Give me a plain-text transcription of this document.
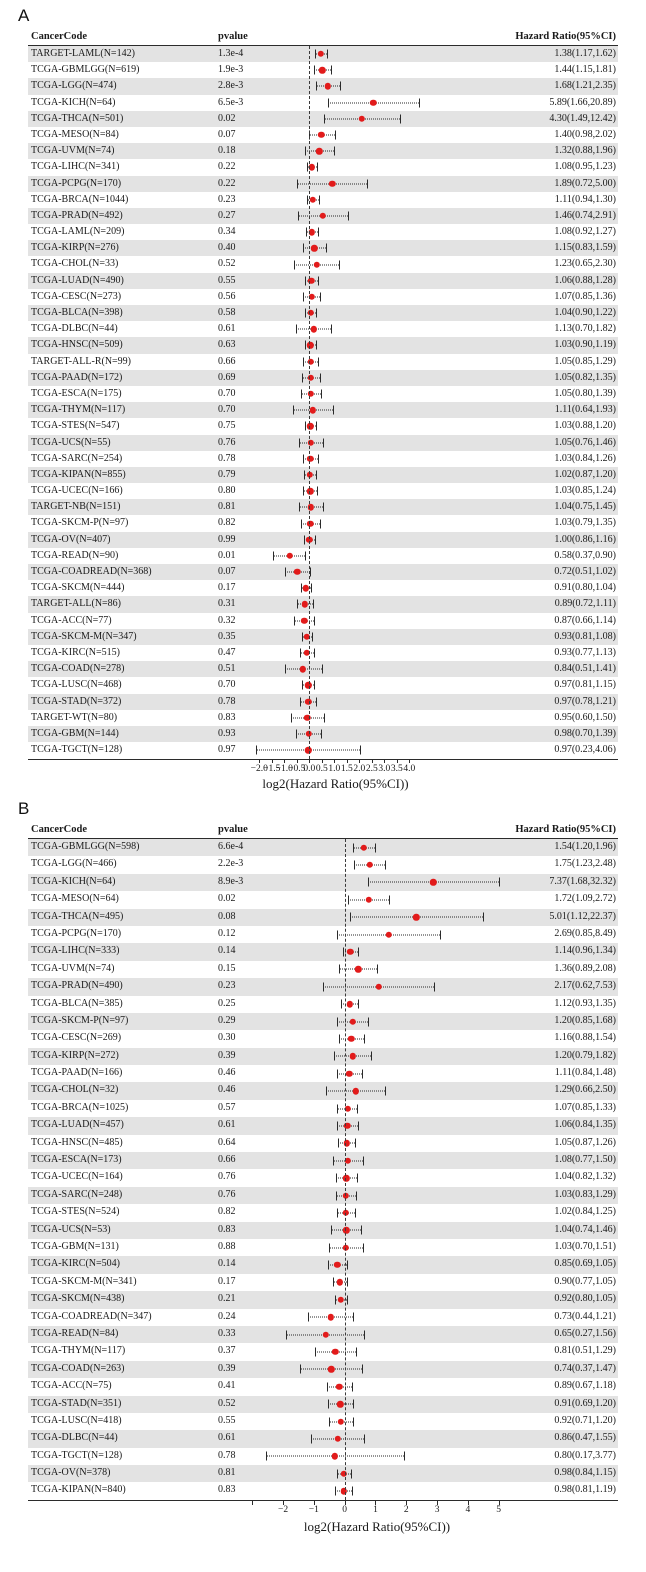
A
CancerCode	pvalue	Hazard Ratio(95%CI)
TARGET-LAML(N=142)	1.3e-4	1.38(1.17,1.62)
TCGA-GBMLGG(N=619)	1.9e-3	1.44(1.15,1.81)
TCGA-LGG(N=474)	2.8e-3	1.68(1.21,2.35)
TCGA-KICH(N=64)	6.5e-3	5.89(1.66,20.89)
TCGA-THCA(N=501)	0.02	4.30(1.49,12.42)
TCGA-MESO(N=84)	0.07	1.40(0.98,2.02)
TCGA-UVM(N=74)	0.18	1.32(0.88,1.96)
TCGA-LIHC(N=341)	0.22	1.08(0.95,1.23)
TCGA-PCPG(N=170)	0.22	1.89(0.72,5.00)
TCGA-BRCA(N=1044)	0.23	1.11(0.94,1.30)
TCGA-PRAD(N=492)	0.27	1.46(0.74,2.91)
TCGA-LAML(N=209)	0.34	1.08(0.92,1.27)
TCGA-KIRP(N=276)	0.40	1.15(0.83,1.59)
TCGA-CHOL(N=33)	0.52	1.23(0.65,2.30)
TCGA-LUAD(N=490)	0.55	1.06(0.88,1.28)
TCGA-CESC(N=273)	0.56	1.07(0.85,1.36)
TCGA-BLCA(N=398)	0.58	1.04(0.90,1.22)
TCGA-DLBC(N=44)	0.61	1.13(0.70,1.82)
TCGA-HNSC(N=509)	0.63	1.03(0.90,1.19)
TARGET-ALL-R(N=99)	0.66	1.05(0.85,1.29)
TCGA-PAAD(N=172)	0.69	1.05(0.82,1.35)
TCGA-ESCA(N=175)	0.70	1.05(0.80,1.39)
TCGA-THYM(N=117)	0.70	1.11(0.64,1.93)
TCGA-STES(N=547)	0.75	1.03(0.88,1.20)
TCGA-UCS(N=55)	0.76	1.05(0.76,1.46)
TCGA-SARC(N=254)	0.78	1.03(0.84,1.26)
TCGA-KIPAN(N=855)	0.79	1.02(0.87,1.20)
TCGA-UCEC(N=166)	0.80	1.03(0.85,1.24)
TARGET-NB(N=151)	0.81	1.04(0.75,1.45)
TCGA-SKCM-P(N=97)	0.82	1.03(0.79,1.35)
TCGA-OV(N=407)	0.99	1.00(0.86,1.16)
TCGA-READ(N=90)	0.01	0.58(0.37,0.90)
TCGA-COADREAD(N=368)	0.07	0.72(0.51,1.02)
TCGA-SKCM(N=444)	0.17	0.91(0.80,1.04)
TARGET-ALL(N=86)	0.31	0.89(0.72,1.11)
TCGA-ACC(N=77)	0.32	0.87(0.66,1.14)
TCGA-SKCM-M(N=347)	0.35	0.93(0.81,1.08)
TCGA-KIRC(N=515)	0.47	0.93(0.77,1.13)
TCGA-COAD(N=278)	0.51	0.84(0.51,1.41)
TCGA-LUSC(N=468)	0.70	0.97(0.81,1.15)
TCGA-STAD(N=372)	0.78	0.97(0.78,1.21)
TARGET-WT(N=80)	0.83	0.95(0.60,1.50)
TCGA-GBM(N=144)	0.93	0.98(0.70,1.39)
TCGA-TGCT(N=128)	0.97	0.97(0.23,4.06)
−2.0
−1.5
−1.0
−0.5
0.0 0.5 1.0 1.5 2.0 2.5 3.0 3.5 4.0
log2(Hazard Ratio(95%CI))
B
CancerCode	pvalue	Hazard Ratio(95%CI)
TCGA-GBMLGG(N=598)	6.6e-4	1.54(1.20,1.96)
TCGA-LGG(N=466)	2.2e-3	1.75(1.23,2.48)
TCGA-KICH(N=64)	8.9e-3	7.37(1.68,32.32)
TCGA-MESO(N=64)	0.02	1.72(1.09,2.72)
TCGA-THCA(N=495)	0.08	5.01(1.12,22.37)
TCGA-PCPG(N=170)	0.12	2.69(0.85,8.49)
TCGA-LIHC(N=333)	0.14	1.14(0.96,1.34)
TCGA-UVM(N=74)	0.15	1.36(0.89,2.08)
TCGA-PRAD(N=490)	0.23	2.17(0.62,7.53)
TCGA-BLCA(N=385)	0.25	1.12(0.93,1.35)
TCGA-SKCM-P(N=97)	0.29	1.20(0.85,1.68)
TCGA-CESC(N=269)	0.30	1.16(0.88,1.54)
TCGA-KIRP(N=272)	0.39	1.20(0.79,1.82)
TCGA-PAAD(N=166)	0.46	1.11(0.84,1.48)
TCGA-CHOL(N=32)	0.46	1.29(0.66,2.50)
TCGA-BRCA(N=1025)	0.57	1.07(0.85,1.33)
TCGA-LUAD(N=457)	0.61	1.06(0.84,1.35)
TCGA-HNSC(N=485)	0.64	1.05(0.87,1.26)
TCGA-ESCA(N=173)	0.66	1.08(0.77,1.50)
TCGA-UCEC(N=164)	0.76	1.04(0.82,1.32)
TCGA-SARC(N=248)	0.76	1.03(0.83,1.29)
TCGA-STES(N=524)	0.82	1.02(0.84,1.25)
TCGA-UCS(N=53)	0.83	1.04(0.74,1.46)
TCGA-GBM(N=131)	0.88	1.03(0.70,1.51)
TCGA-KIRC(N=504)	0.14	0.85(0.69,1.05)
TCGA-SKCM-M(N=341)	0.17	0.90(0.77,1.05)
TCGA-SKCM(N=438)	0.21	0.92(0.80,1.05)
TCGA-COADREAD(N=347)	0.24	0.73(0.44,1.21)
TCGA-READ(N=84)	0.33	0.65(0.27,1.56)
TCGA-THYM(N=117)	0.37	0.81(0.51,1.29)
TCGA-COAD(N=263)	0.39	0.74(0.37,1.47)
TCGA-ACC(N=75)	0.41	0.89(0.67,1.18)
TCGA-STAD(N=351)	0.52	0.91(0.69,1.20)
TCGA-LUSC(N=418)	0.55	0.92(0.71,1.20)
TCGA-DLBC(N=44)	0.61	0.86(0.47,1.55)
TCGA-TGCT(N=128)	0.78	0.80(0.17,3.77)
TCGA-OV(N=378)	0.81	0.98(0.84,1.15)
TCGA-KIPAN(N=840)	0.83	0.98(0.81,1.19)
−2 −1 0	1	2	3	4	5
log2(Hazard Ratio(95%CI))
